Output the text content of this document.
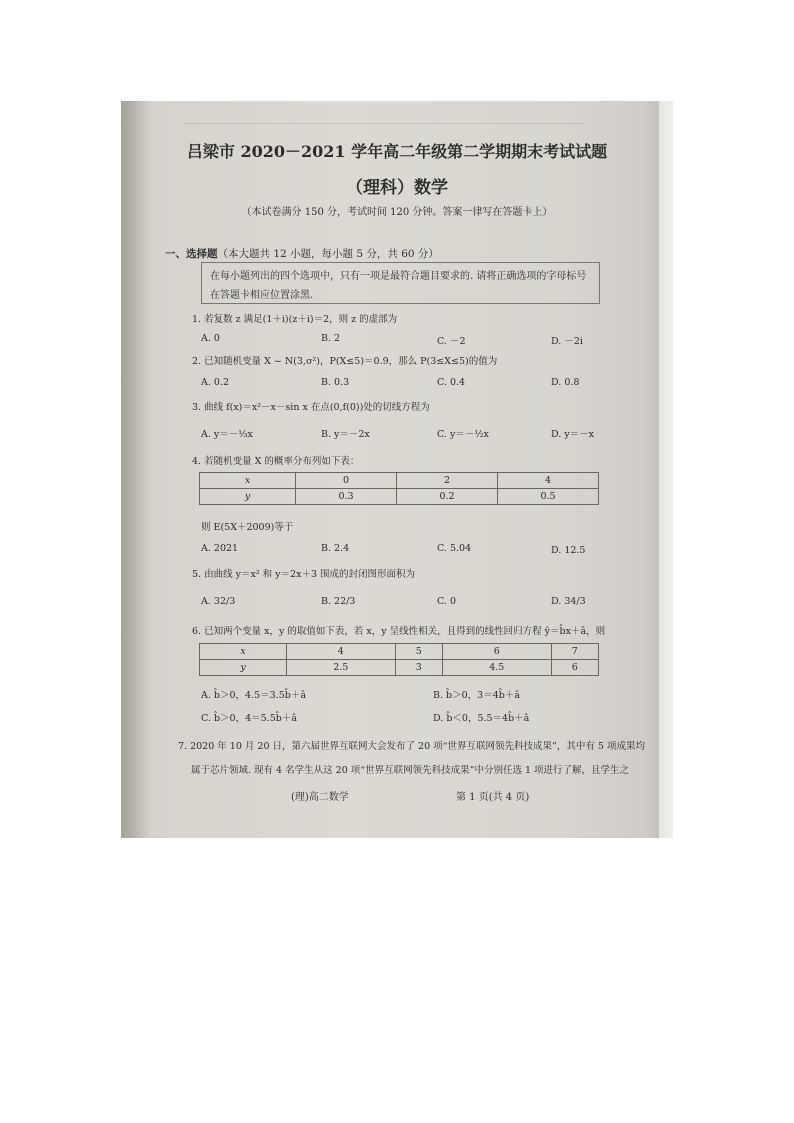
吕梁市 2020－2021 学年高二年级第二学期期末考试试题
（理科）数学
（本试卷满分 150 分，考试时间 120 分钟。答案一律写在答题卡上）
一、选择题（本大题共 12 小题，每小题 5 分，共 60 分）
在每小题列出的四个选项中，只有一项是最符合题目要求的. 请将正确选项的字母标号在答题卡相应位置涂黑.
1. 若复数 z 满足(1＋i)(z＋i)＝2，则 z 的虚部为
A. 0	B. 2	C. －2	D. －2i
2. 已知随机变量 X ~ N(3,σ²)，P(X≤5)＝0.9，那么 P(3≤X≤5)的值为
A. 0.2	B. 0.3	C. 0.4	D. 0.8
3. 曲线 f(x)＝x²－x－sin x 在点(0,f(0))处的切线方程为
A. y＝－⅓x	B. y＝－2x	C. y＝－½x	D. y＝－x
4. 若随机变量 X 的概率分布列如下表：
x	0	2	4
y	0.3	0.2	0.5
则 E(5X＋2009)等于
A. 2021	B. 2.4	C. 5.04	D. 12.5
5. 由曲线 y＝x² 和 y＝2x＋3 围成的封闭图形面积为
A. 32/3	B. 22/3	C. 0	D. 34/3
6. 已知两个变量 x，y 的取值如下表，若 x，y 呈线性相关，且得到的线性回归方程 ŷ＝b̂x＋â，则
x	4	5	6	7
y	2.5	3	4.5	6
A. b̂＞0，4.5＝3.5b̂＋â	B. b̂＞0，3＝4b̂＋â
C. b̂＞0，4＝5.5b̂＋â	D. b̂＜0，5.5＝4b̂＋â
7. 2020 年 10 月 20 日，第六届世界互联网大会发布了 20 项“世界互联网领先科技成果”，其中有 5 项成果均
属于芯片领域. 现有 4 名学生从这 20 项“世界互联网领先科技成果”中分别任选 1 项进行了解，且学生之
(理)高二数学	第 1 页(共 4 页)
